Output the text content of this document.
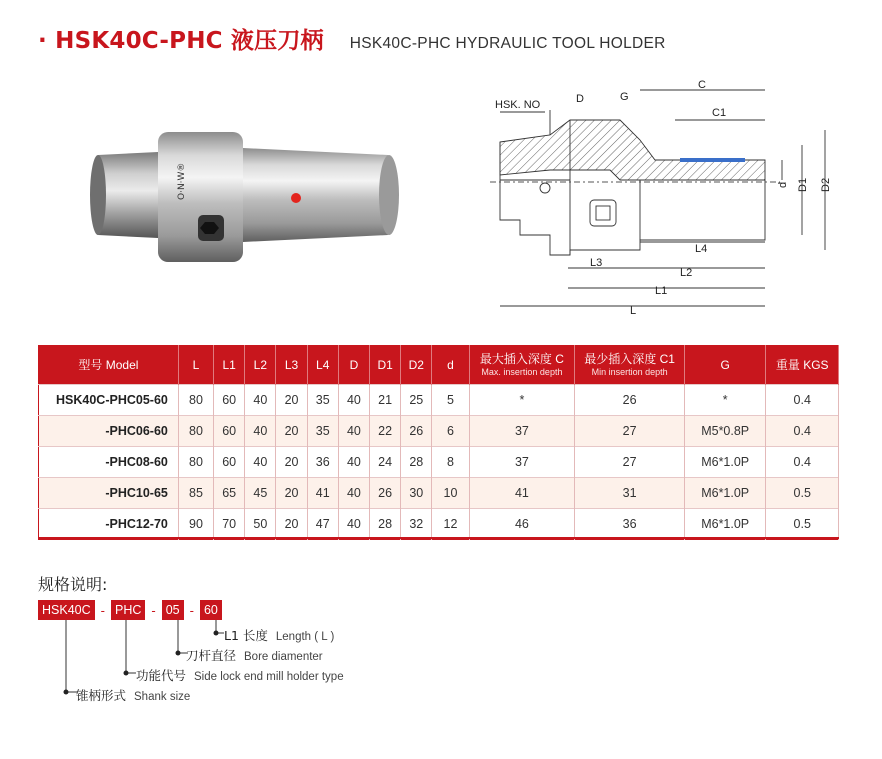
· HSK40C-PHC 液压刀柄 HSK40C-PHC HYDRAULIC TOOL HOLDER
O·N·W®
HSK. NO	D	G
C
C1
d D1 D2
L4
L3
L2
L1
L
型号 Model	L	L1	L2	L3	L4	D	D1	D2	d	最大插入深度 C
Max. insertion depth	最少插入深度 C1
Min insertion depth	G	重量 KGS

HSK40C-PHC05-60	80	60	40	20	35	40	21	25	5	*	26	*	0.4
-PHC06-60	80	60	40	20	35	40	22	26	6	37	27	M5*0.8P	0.4
-PHC08-60	80	60	40	20	36	40	24	28	8	37	27	M6*1.0P	0.4
-PHC10-65	85	65	45	20	41	40	26	30	10	41	31	M6*1.0P	0.5
-PHC12-70	90	70	50	20	47	40	28	32	12	46	36	M6*1.0P	0.5
规格说明:
HSK40C - PHC - 05 - 60
L1 长度 Length ( L )
刀杆直径 Bore diamenter
功能代号 Side lock end mill holder type
锥柄形式 Shank size
